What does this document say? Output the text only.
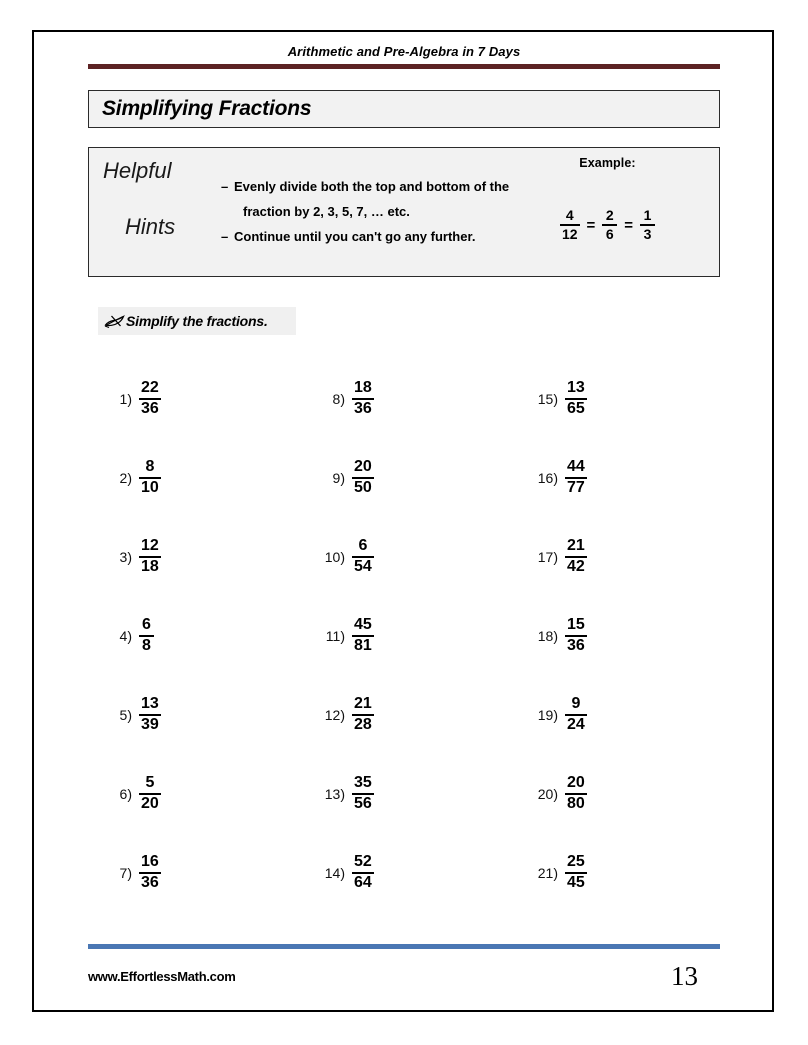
Arithmetic and Pre-Algebra in 7 Days
Simplifying Fractions
Helpful
Hints
– Evenly divide both the top and bottom of the
fraction by 2, 3, 5, 7, … etc.
– Continue until you can't go any further.
Example:
$\frac{4}{12} = \frac{2}{6} = \frac{1}{3}$
Simplify the fractions.
$1) \frac{22}{36}$
$2) \frac{8}{10}$
$3) \frac{12}{18}$
$4) \frac{6}{8}$
$5) \frac{13}{39}$
$6) \frac{5}{20}$
$7) \frac{16}{36}$
$8) \frac{18}{36}$
$9) \frac{20}{50}$
$10) \frac{6}{54}$
$11) \frac{45}{81}$
$12) \frac{21}{28}$
$13) \frac{35}{56}$
$14) \frac{52}{64}$
$15) \frac{13}{65}$
$16) \frac{44}{77}$
$17) \frac{21}{42}$
$18) \frac{15}{36}$
$19) \frac{9}{24}$
$20) \frac{20}{80}$
$21) \frac{25}{45}$
www.EffortlessMath.com	13
